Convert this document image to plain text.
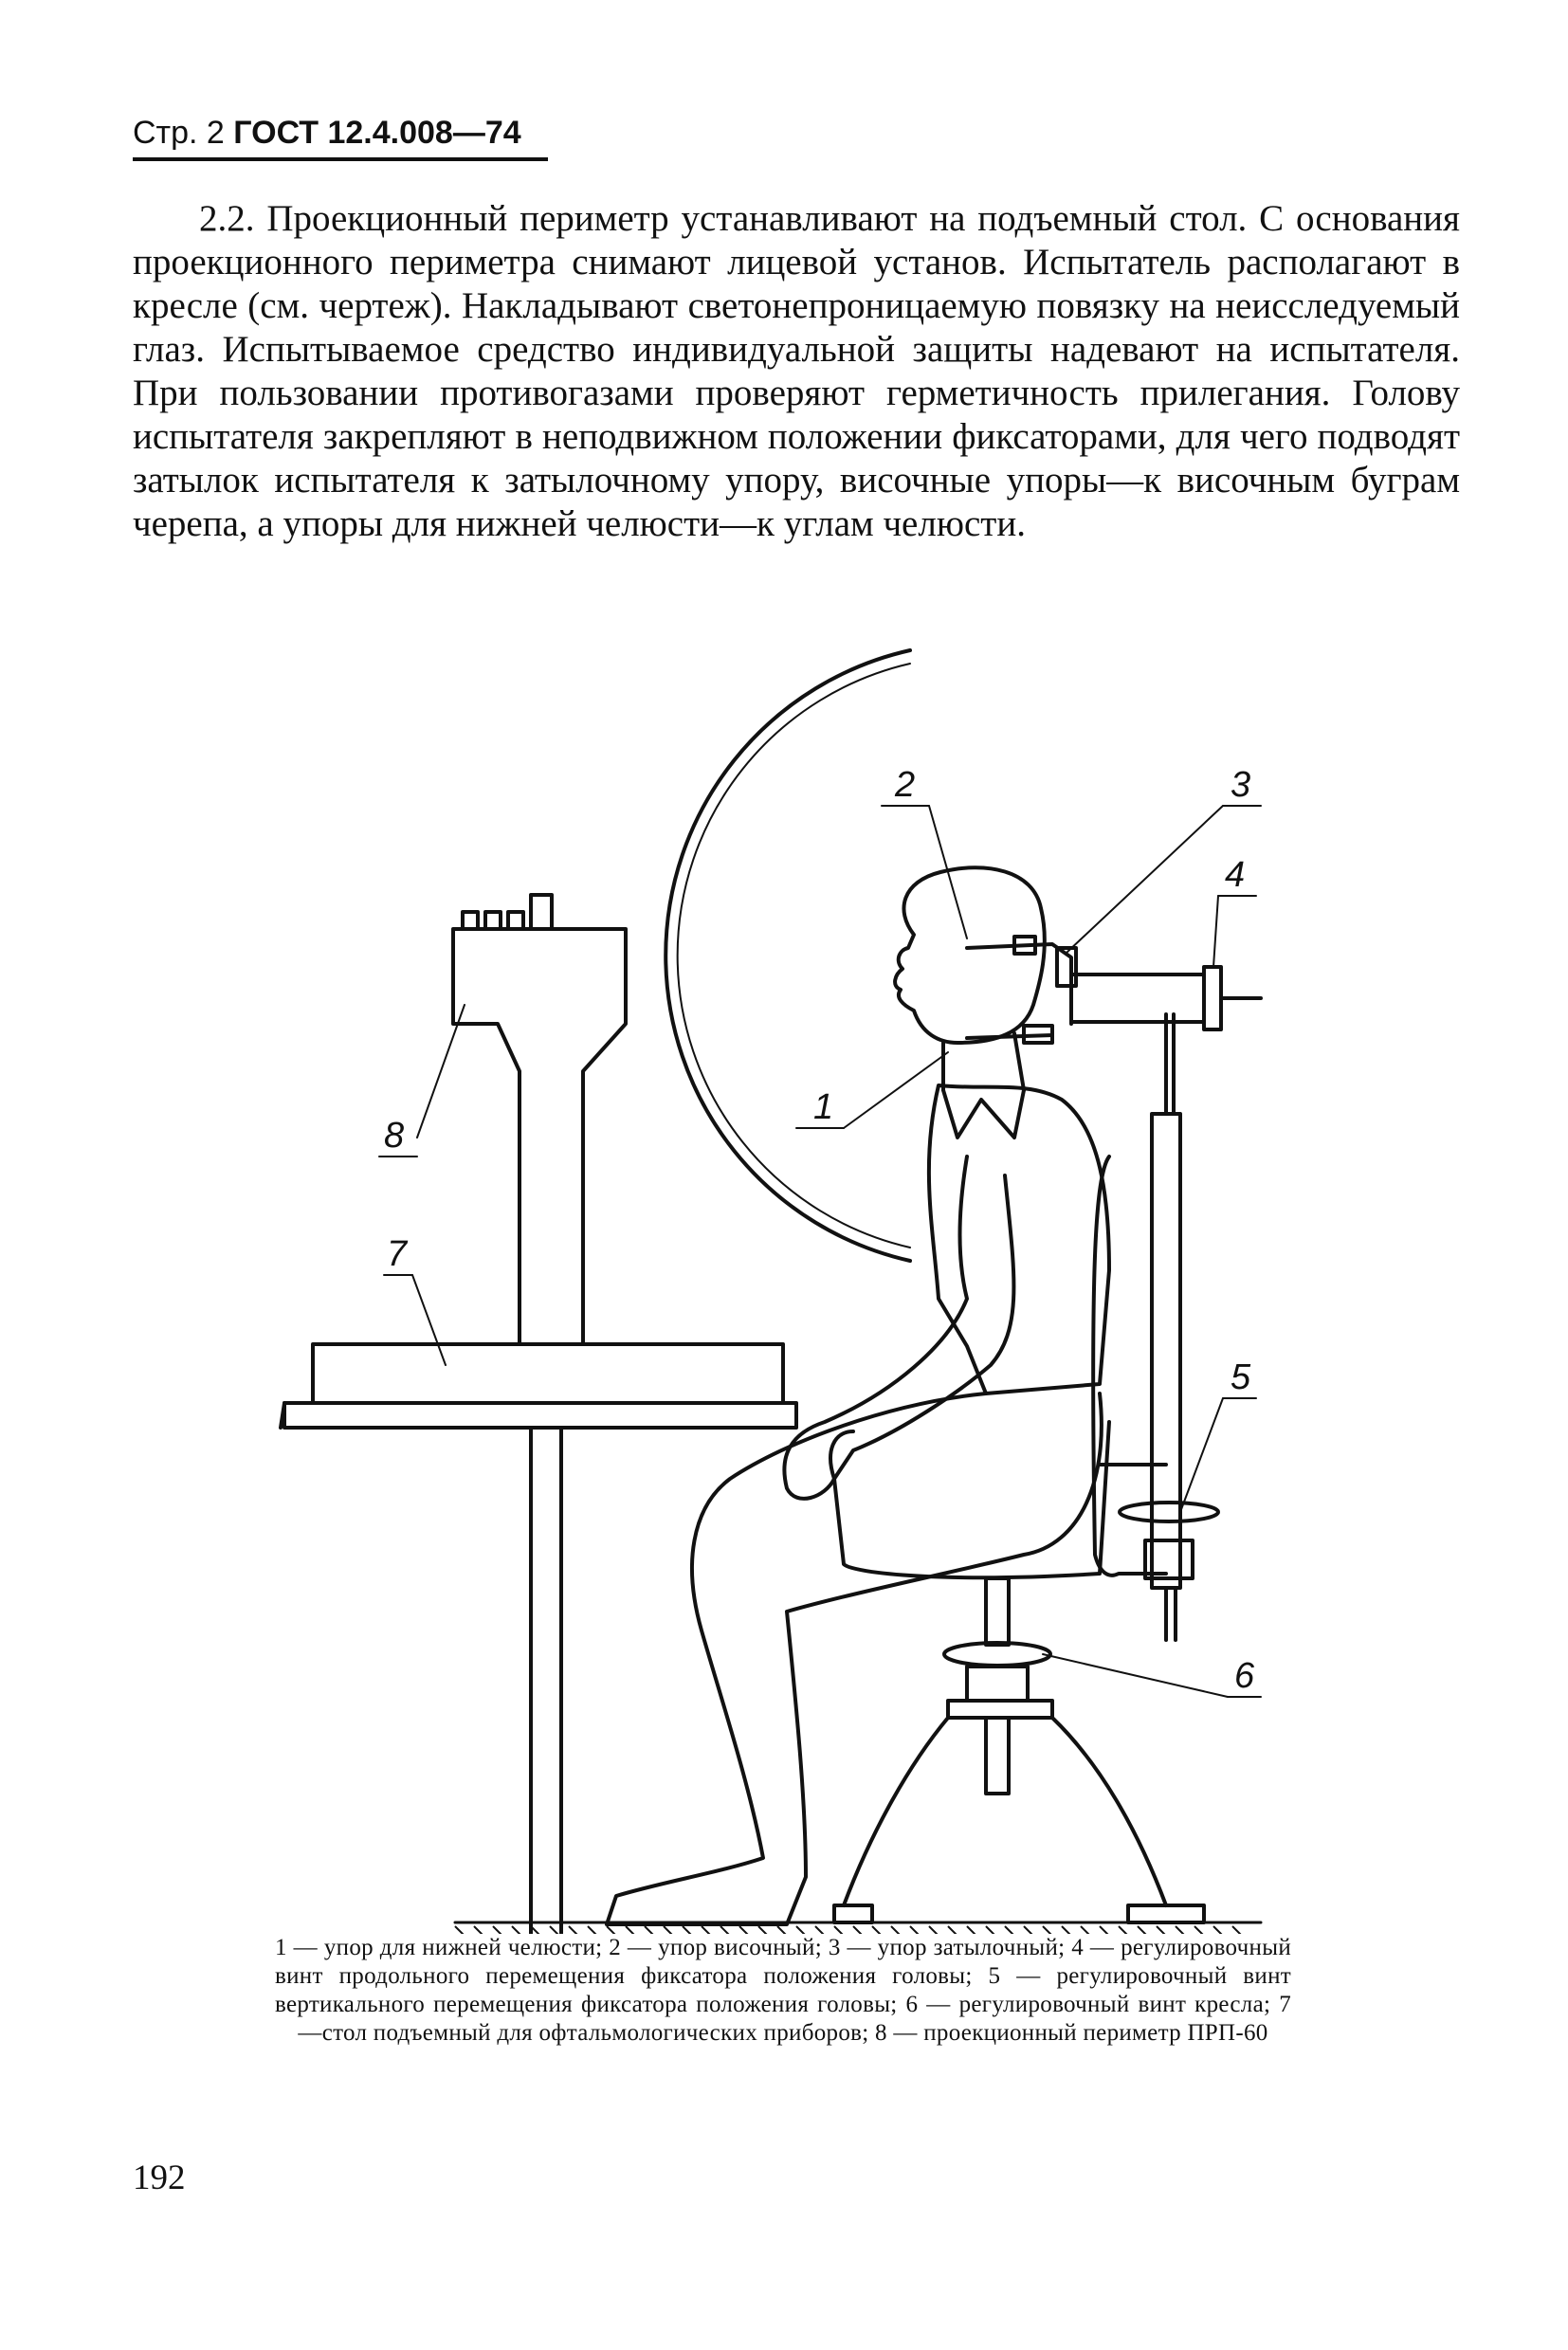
Стр. 2 ГОСТ 12.4.008—74

2.2. Проекционный периметр устанавливают на подъемный стол. С основания проекционного периметра снимают лицевой установ. Испытатель располагают в кресле (см. чертеж). Накладывают светонепроницаемую повязку на неисследуемый глаз. Испытываемое средство индивидуальной защиты надевают на испытателя. При пользовании противогазами проверяют герметичность прилегания. Голову испытателя закрепляют в неподвижном положении фиксаторами, для чего подводят затылок испытателя к затылочному упору, височные упоры—к височным буграм черепа, а упоры для нижней челюсти—к углам челюсти.

1
2	3
4
5
6
7
8

1 — упор для нижней челюсти; 2 — упор височный; 3 — упор затылочный; 4 — регулировочный винт продольного перемещения фиксатора положения головы; 5 — регулировочный винт вертикального перемещения фиксатора положения головы; 6 — регулировочный винт кресла; 7—стол подъемный для офтальмологических приборов; 8 — проекционный периметр ПРП-60

192
